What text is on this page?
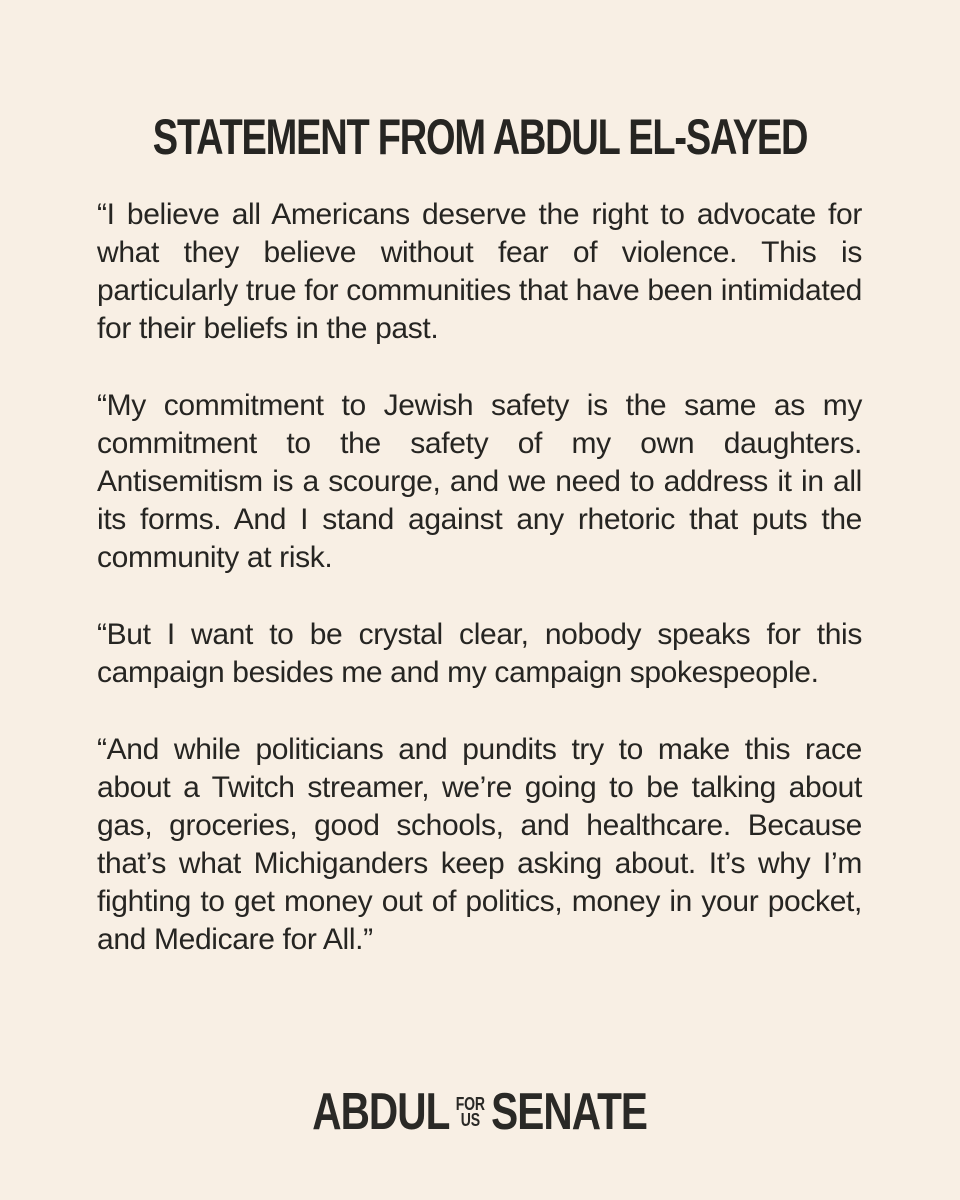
STATEMENT FROM ABDUL EL-SAYED

“I believe all Americans deserve the right to advocate for what they believe without fear of violence. This is particularly true for communities that have been intimidated for their beliefs in the past.

“My commitment to Jewish safety is the same as my commitment to the safety of my own daughters. Antisemitism is a scourge, and we need to address it in all its forms. And I stand against any rhetoric that puts the community at risk.

“But I want to be crystal clear, nobody speaks for this campaign besides me and my campaign spokespeople.

“And while politicians and pundits try to make this race about a Twitch streamer, we’re going to be talking about gas, groceries, good schools, and healthcare. Because that’s what Michiganders keep asking about. It’s why I’m fighting to get money out of politics, money in your pocket, and Medicare for All.”

ABDUL FOR
US SENATE
